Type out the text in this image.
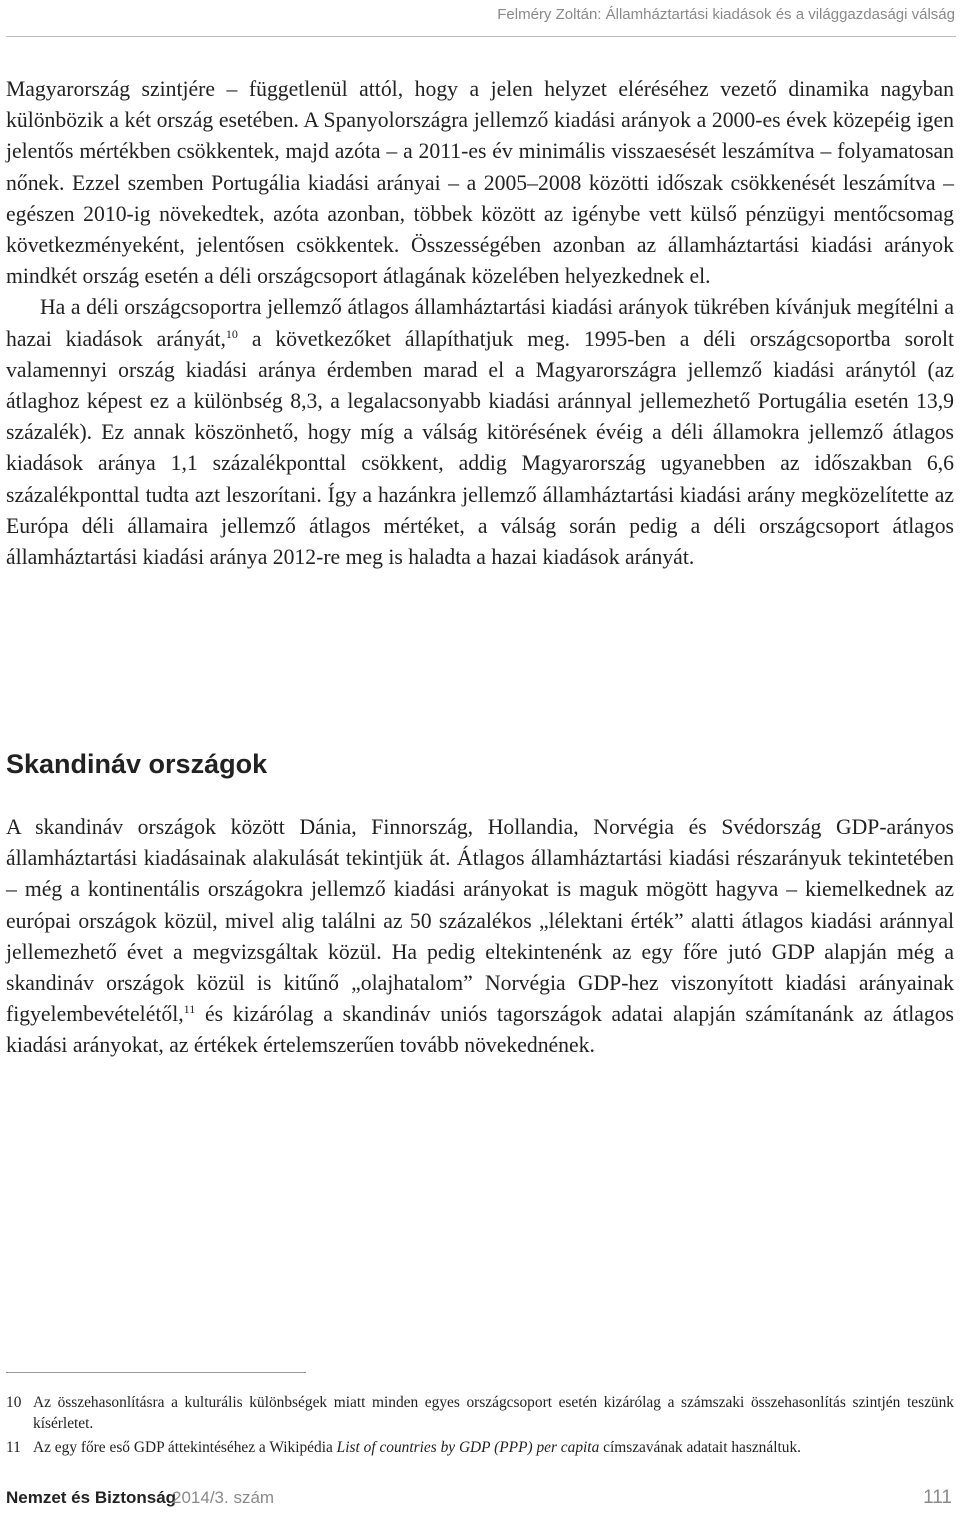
Felméry Zoltán: Államháztartási kiadások és a világgazdasági válság

Magyarország szintjére – függetlenül attól, hogy a jelen helyzet eléréséhez vezető dinamika nagyban különbözik a két ország esetében. A Spanyolországra jellemző kiadási arányok a 2000-es évek közepéig igen jelentős mértékben csökkentek, majd azóta – a 2011-es év minimális visszaesését leszámítva – folyamatosan nőnek. Ezzel szemben Portugália kiadási arányai – a 2005–2008 közötti időszak csökkenését leszámítva – egészen 2010-ig növekedtek, azóta azonban, többek között az igénybe vett külső pénzügyi mentőcsomag következményeként, jelentősen csökkentek. Összességében azonban az államháztartási kiadási arányok mindkét ország esetén a déli országcsoport átlagának közelében helyezkednek el.

Ha a déli országcsoportra jellemző átlagos államháztartási kiadási arányok tükrében kívánjuk megítélni a hazai kiadások arányát,$^{10}$ a következőket állapíthatjuk meg. 1995-ben a déli országcsoportba sorolt valamennyi ország kiadási aránya érdemben marad el a Magyarországra jellemző kiadási aránytól (az átlaghoz képest ez a különbség 8,3, a legalacsonyabb kiadási aránnyal jellemezhető Portugália esetén 13,9 százalék). Ez annak köszönhető, hogy míg a válság kitörésének évéig a déli államokra jellemző átlagos kiadások aránya 1,1 százalékponttal csökkent, addig Magyarország ugyanebben az időszakban 6,6 százalékponttal tudta azt leszorítani. Így a hazánkra jellemző államháztartási kiadási arány megközelítette az Európa déli államaira jellemző átlagos mértéket, a válság során pedig a déli országcsoport átlagos államháztartási kiadási aránya 2012-re meg is haladta a hazai kiadások arányát.

Skandináv országok

A skandináv országok között Dánia, Finnország, Hollandia, Norvégia és Svédország GDP-arányos államháztartási kiadásainak alakulását tekintjük át. Átlagos államháztartási kiadási részarányuk tekintetében – még a kontinentális országokra jellemző kiadási arányokat is maguk mögött hagyva – kiemelkednek az európai országok közül, mivel alig találni az 50 százalékos „lélektani érték” alatti átlagos kiadási aránnyal jellemezhető évet a megvizsgáltak közül. Ha pedig eltekintenénk az egy főre jutó GDP alapján még a skandináv országok közül is kitűnő „olajhatalom” Norvégia GDP-hez viszonyított kiadási arányainak figyelembevételétől,$^{11}$ és kizárólag a skandináv uniós tagországok adatai alapján számítanánk az átlagos kiadási arányokat, az értékek értelemszerűen tovább növekednének.

10 Az összehasonlításra a kulturális különbségek miatt minden egyes országcsoport esetén kizárólag a számszaki összehasonlítás szintjén teszünk kísérletet.
11 Az egy főre eső GDP áttekintéséhez a Wikipédia List of countries by GDP (PPP) per capita címszavának adatait használtuk.
Nemzet és Biztonság
2014/3. szám	111
